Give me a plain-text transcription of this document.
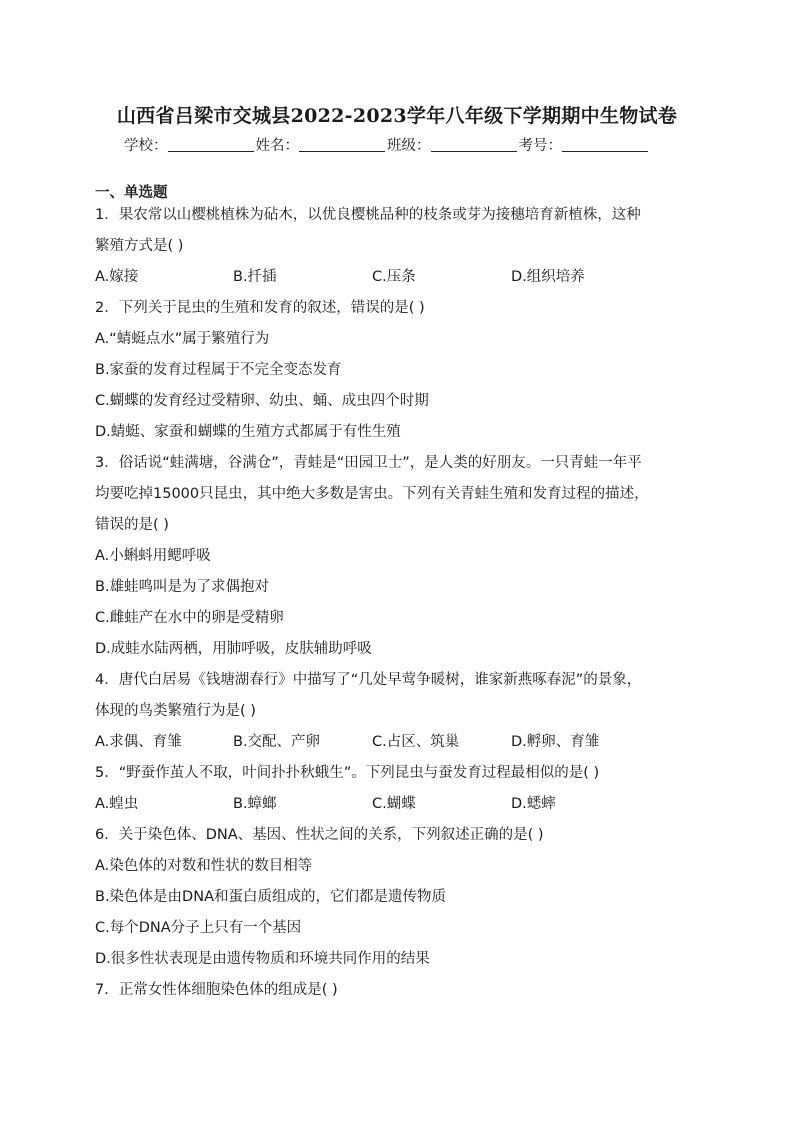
山西省吕梁市交城县2022-2023学年八年级下学期期中生物试卷
学校：	姓名：	班级：	考号：
一、单选题
1．果农常以山樱桃植株为砧木，以优良樱桃品种的枝条或芽为接穗培育新植株，这种
繁殖方式是( )
A.嫁接	B.扦插	C.压条	D.组织培养
2．下列关于昆虫的生殖和发育的叙述，错误的是( )
A.“蜻蜓点水”属于繁殖行为
B.家蚕的发育过程属于不完全变态发育
C.蝴蝶的发育经过受精卵、幼虫、蛹、成虫四个时期
D.蜻蜓、家蚕和蝴蝶的生殖方式都属于有性生殖
3．俗话说“蛙满塘，谷满仓”，青蛙是“田园卫士”，是人类的好朋友。一只青蛙一年平
均要吃掉15000只昆虫，其中绝大多数是害虫。下列有关青蛙生殖和发育过程的描述，
错误的是( )
A.小蝌蚪用鳃呼吸
B.雄蛙鸣叫是为了求偶抱对
C.雌蛙产在水中的卵是受精卵
D.成蛙水陆两栖，用肺呼吸，皮肤辅助呼吸
4．唐代白居易《钱塘湖春行》中描写了“几处早莺争暖树，谁家新燕啄春泥”的景象，
体现的鸟类繁殖行为是( )
A.求偶、育雏	B.交配、产卵	C.占区、筑巢	D.孵卵、育雏
5．“野蚕作茧人不取，叶间扑扑秋蛾生”。下列昆虫与蚕发育过程最相似的是( )
A.蝗虫	B.蟑螂	C.蝴蝶	D.蟋蟀
6．关于染色体、DNA、基因、性状之间的关系，下列叙述正确的是( )
A.染色体的对数和性状的数目相等
B.染色体是由DNA和蛋白质组成的，它们都是遗传物质
C.每个DNA分子上只有一个基因
D.很多性状表现是由遗传物质和环境共同作用的结果
7．正常女性体细胞染色体的组成是( )
